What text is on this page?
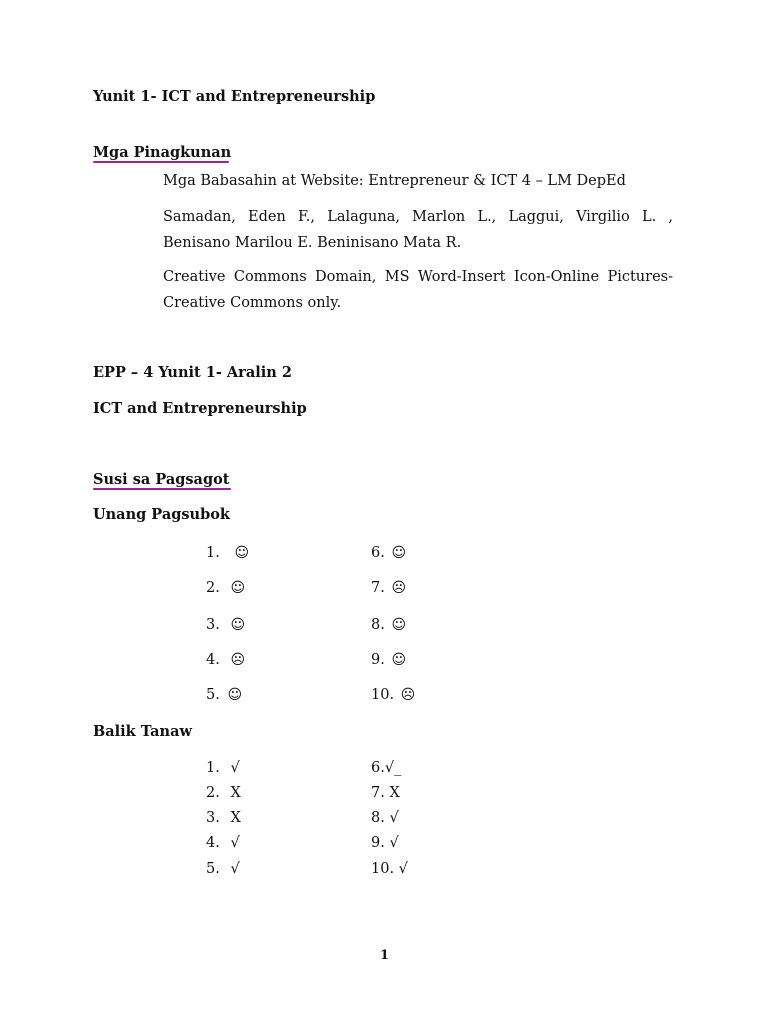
Yunit 1- ICT and Entrepreneurship
Mga Pinagkunan
Mga Babasahin at Website: Entrepreneur & ICT 4 – LM DepEd
Samadan, Eden F., Lalaguna, Marlon L., Laggui, Virgilio L. ,
Benisano Marilou E. Beninisano Mata R.
Creative Commons Domain, MS Word-Insert Icon-Online Pictures-
Creative Commons only.
EPP – 4 Yunit 1- Aralin 2
ICT and Entrepreneurship
Susi sa Pagsagot
Unang Pagsubok
1. ☺
2. ☺
3. ☺
4. ☹
5. ☺
6. ☺
7. ☹
8. ☺
9. ☺
10. ☹
Balik Tanaw
1. √
2. X
3. X
4. √
5. √
6.√_
7. X
8. √
9. √
10. √
1
